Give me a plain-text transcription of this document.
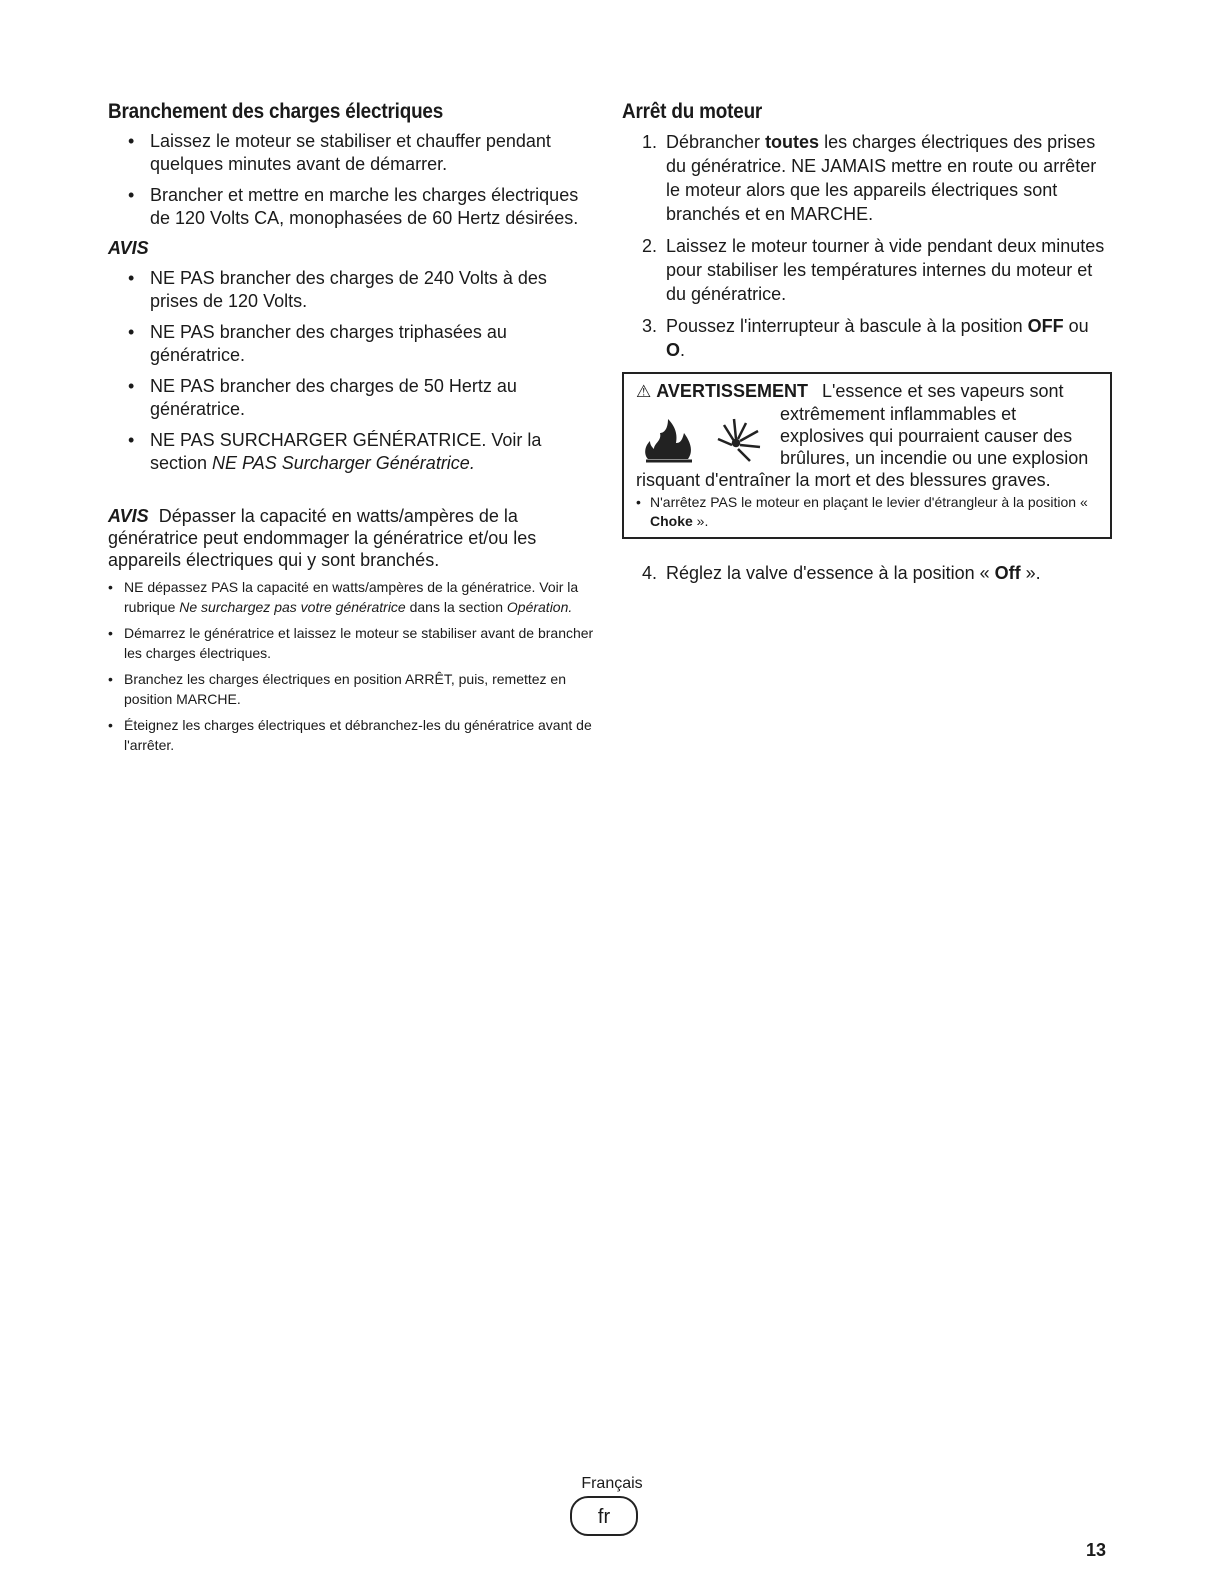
Branchement des charges électriques
• Laissez le moteur se stabiliser et chauffer pendant quelques minutes avant de démarrer.
• Brancher et mettre en marche les charges électriques de 120 Volts CA, monophasées de 60 Hertz désirées.
AVIS
• NE PAS brancher des charges de 240 Volts à des prises de 120 Volts.
• NE PAS brancher des charges triphasées au génératrice.
• NE PAS brancher des charges de 50 Hertz au génératrice.
• NE PAS SURCHARGER GÉNÉRATRICE. Voir la section NE PAS Surcharger Génératrice.

AVIS Dépasser la capacité en watts/ampères de la génératrice peut endommager la génératrice et/ou les appareils électriques qui y sont branchés.

• NE dépassez PAS la capacité en watts/ampères de la génératrice. Voir la rubrique Ne surchargez pas votre génératrice dans la section Opération.
• Démarrez le génératrice et laissez le moteur se stabiliser avant de brancher les charges électriques.
• Branchez les charges électriques en position ARRÊT, puis, remettez en position MARCHE.
• Éteignez les charges électriques et débranchez-les du génératrice avant de l'arrêter.
Arrêt du moteur
1. Débrancher toutes les charges électriques des prises du génératrice. NE JAMAIS mettre en route ou arrêter le moteur alors que les appareils électriques sont branchés et en MARCHE.
2. Laissez le moteur tourner à vide pendant deux minutes pour stabiliser les températures internes du moteur et du génératrice.
3. Poussez l'interrupteur à bascule à la position OFF ou O.
⚠ AVERTISSEMENT L'essence et ses vapeurs sont
extrêmement inflammables et explosives qui pourraient causer des brûlures, un incendie ou une explosion
risquant d'entraîner la mort et des blessures graves.
• N'arrêtez PAS le moteur en plaçant le levier d'étrangleur à la position « Choke ».
4. Réglez la valve d'essence à la position « Off ».
Français
fr
13
